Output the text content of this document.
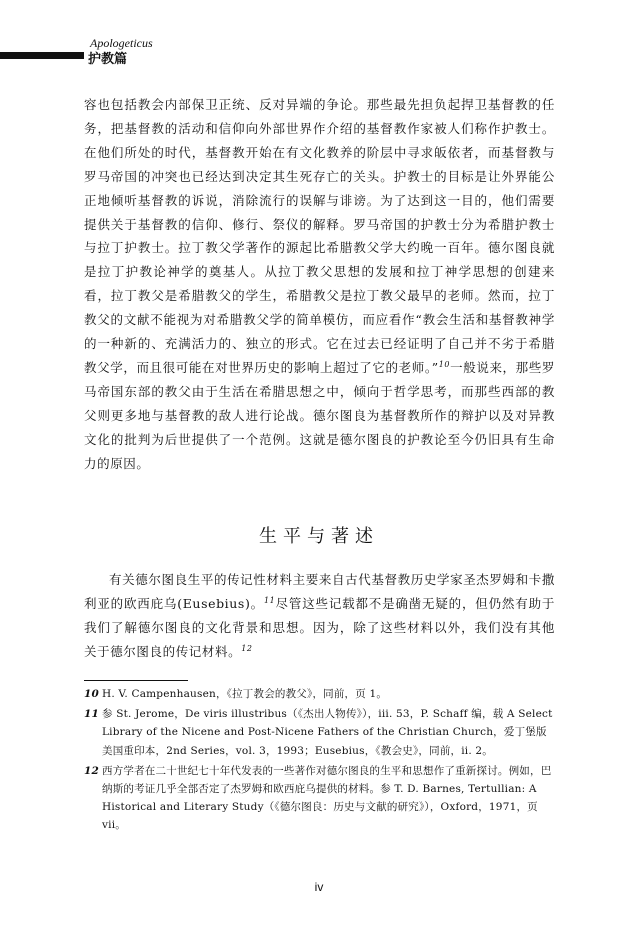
Apologeticus
护教篇

容也包括教会内部保卫正统、反对异端的争论。那些最先担负起捍卫基督教的任务，把基督教的活动和信仰向外部世界作介绍的基督教作家被人们称作护教士。在他们所处的时代，基督教开始在有文化教养的阶层中寻求皈依者，而基督教与罗马帝国的冲突也已经达到决定其生死存亡的关头。护教士的目标是让外界能公正地倾听基督教的诉说，消除流行的误解与诽谤。为了达到这一目的，他们需要提供关于基督教的信仰、修行、祭仪的解释。罗马帝国的护教士分为希腊护教士与拉丁护教士。拉丁教父学著作的源起比希腊教父学大约晚一百年。德尔图良就是拉丁护教论神学的奠基人。从拉丁教父思想的发展和拉丁神学思想的创建来看，拉丁教父是希腊教父的学生，希腊教父是拉丁教父最早的老师。然而，拉丁教父的文献不能视为对希腊教父学的简单模仿，而应看作“教会生活和基督教神学的一种新的、充满活力的、独立的形式。它在过去已经证明了自己并不劣于希腊教父学，而且很可能在对世界历史的影响上超过了它的老师。”$^{10}$一般说来，那些罗马帝国东部的教父由于生活在希腊思想之中，倾向于哲学思考，而那些西部的教父则更多地与基督教的敌人进行论战。德尔图良为基督教所作的辩护以及对异教文化的批判为后世提供了一个范例。这就是德尔图良的护教论至今仍旧具有生命力的原因。

生平与著述

有关德尔图良生平的传记性材料主要来自古代基督教历史学家圣杰罗姆和卡撒利亚的欧西庇乌(Eusebius)。$^{11}$尽管这些记载都不是确凿无疑的，但仍然有助于我们了解德尔图良的文化背景和思想。因为，除了这些材料以外，我们没有其他关于德尔图良的传记材料。$^{12}$

10 H. V. Campenhausen，《拉丁教会的教父》，同前，页 1。
11 参 St. Jerome，De viris illustribus（《杰出人物传》），iii. 53，P. Schaff 编，载 A Select Library of the Nicene and Post-Nicene Fathers of the Christian Church，爱丁堡版美国重印本，2nd Series，vol. 3，1993；Eusebius，《教会史》，同前，ii. 2。
12 西方学者在二十世纪七十年代发表的一些著作对德尔图良的生平和思想作了重新探讨。例如，巴纳斯的考证几乎全部否定了杰罗姆和欧西庇乌提供的材料。参 T. D. Barnes, Tertullian: A Historical and Literary Study（《德尔图良：历史与文献的研究》），Oxford，1971，页 vii。
iv
